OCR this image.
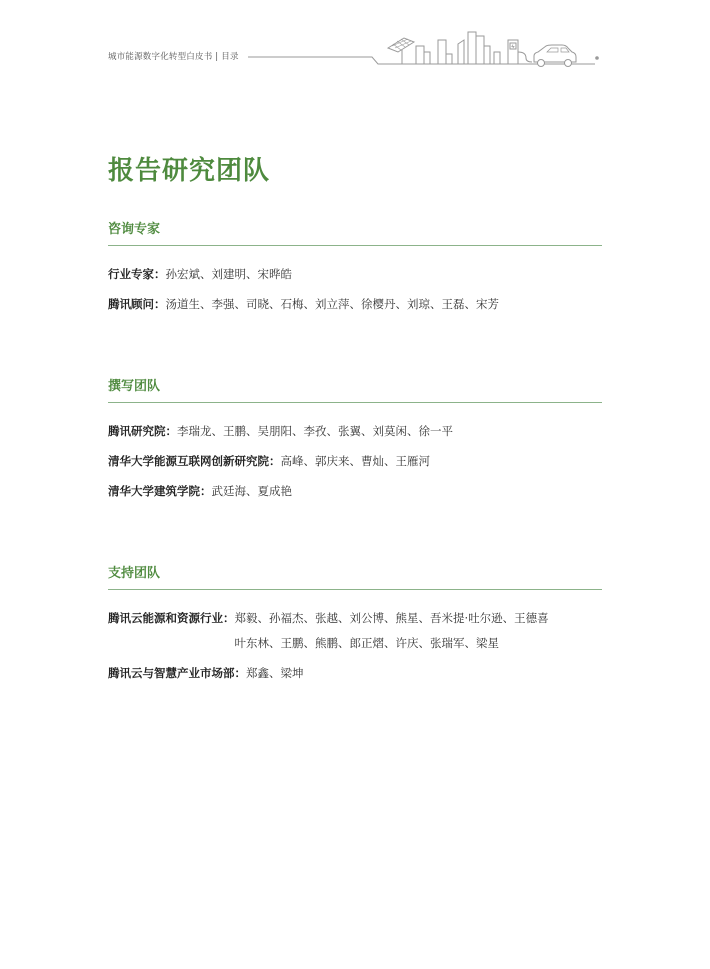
城市能源数字化转型白皮书 | 目录
报告研究团队
咨询专家
行业专家： 孙宏斌、刘建明、宋晔皓
腾讯顾问： 汤道生、李强、司晓、石梅、刘立萍、徐樱丹、刘琼、王磊、宋芳
撰写团队
腾讯研究院： 李瑞龙、王鹏、吴朋阳、李孜、张翼、刘莫闲、徐一平
清华大学能源互联网创新研究院： 高峰、郭庆来、曹灿、王雁河
清华大学建筑学院： 武廷海、夏成艳
支持团队
腾讯云能源和资源行业： 郑毅、孙福杰、张越、刘公博、熊星、吾米提·吐尔逊、王德喜
叶东林、王鹏、熊鹏、郎正熠、许庆、张瑞军、梁星
腾讯云与智慧产业市场部： 郑鑫、梁坤
